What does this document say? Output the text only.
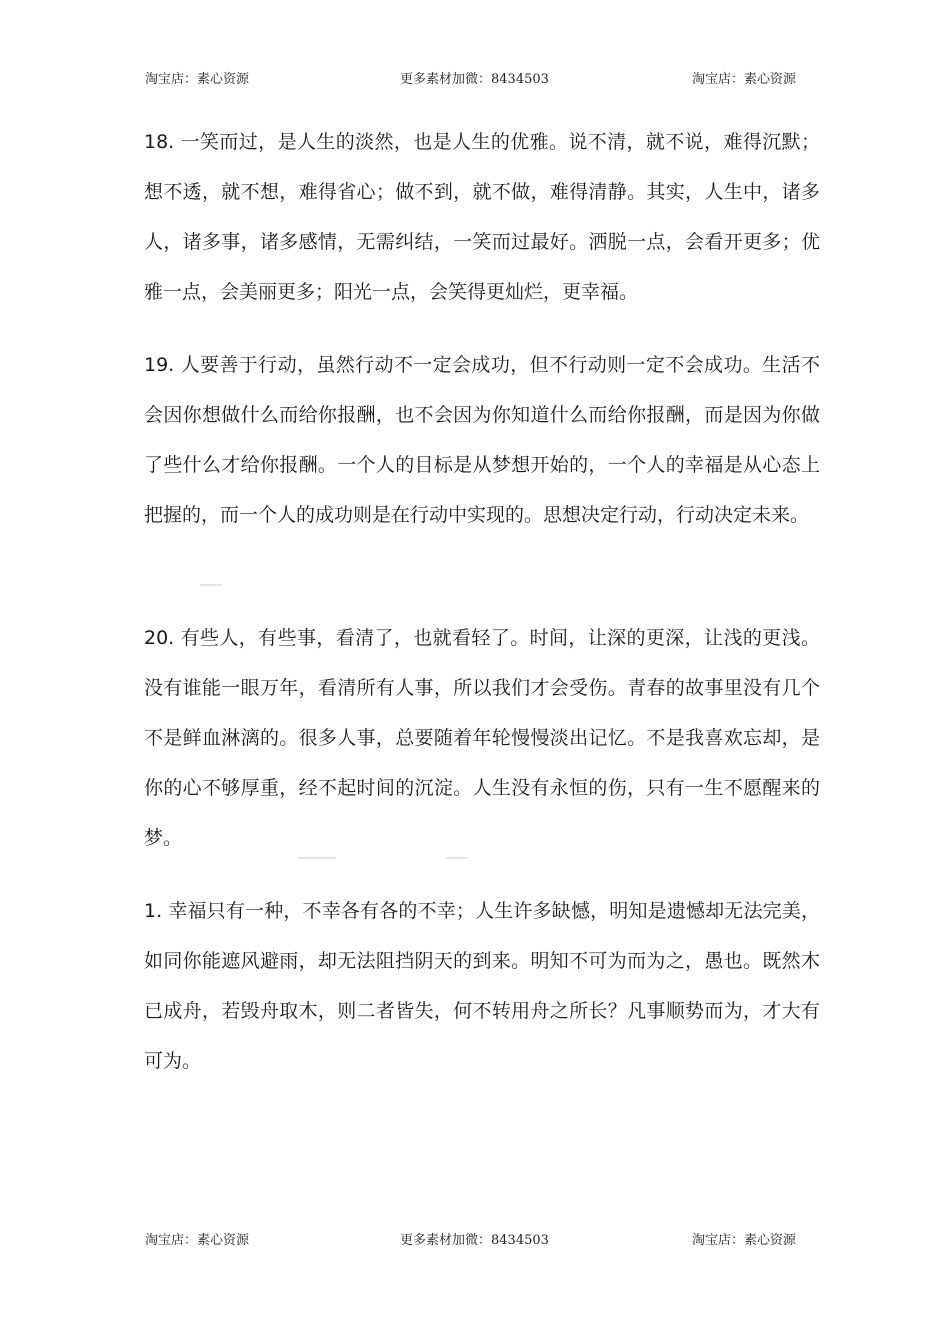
淘宝店：素心资源	更多素材加微：8434503	淘宝店：素心资源

18. 一笑而过，是人生的淡然，也是人生的优雅。说不清，就不说，难得沉默；想不透，就不想，难得省心；做不到，就不做，难得清静。其实，人生中，诸多人，诸多事，诸多感情，无需纠结，一笑而过最好。洒脱一点，会看开更多；优雅一点，会美丽更多；阳光一点，会笑得更灿烂，更幸福。

19. 人要善于行动，虽然行动不一定会成功，但不行动则一定不会成功。生活不会因你想做什么而给你报酬，也不会因为你知道什么而给你报酬，而是因为你做了些什么才给你报酬。一个人的目标是从梦想开始的，一个人的幸福是从心态上把握的，而一个人的成功则是在行动中实现的。思想决定行动，行动决定未来。

20. 有些人，有些事，看清了，也就看轻了。时间，让深的更深，让浅的更浅。没有谁能一眼万年，看清所有人事，所以我们才会受伤。青春的故事里没有几个不是鲜血淋漓的。很多人事，总要随着年轮慢慢淡出记忆。不是我喜欢忘却，是你的心不够厚重，经不起时间的沉淀。人生没有永恒的伤，只有一生不愿醒来的梦。

1. 幸福只有一种，不幸各有各的不幸；人生许多缺憾，明知是遗憾却无法完美，如同你能遮风避雨，却无法阻挡阴天的到来。明知不可为而为之，愚也。既然木已成舟，若毁舟取木，则二者皆失，何不转用舟之所长？凡事顺势而为，才大有可为。

淘宝店：素心资源	更多素材加微：8434503	淘宝店：素心资源
